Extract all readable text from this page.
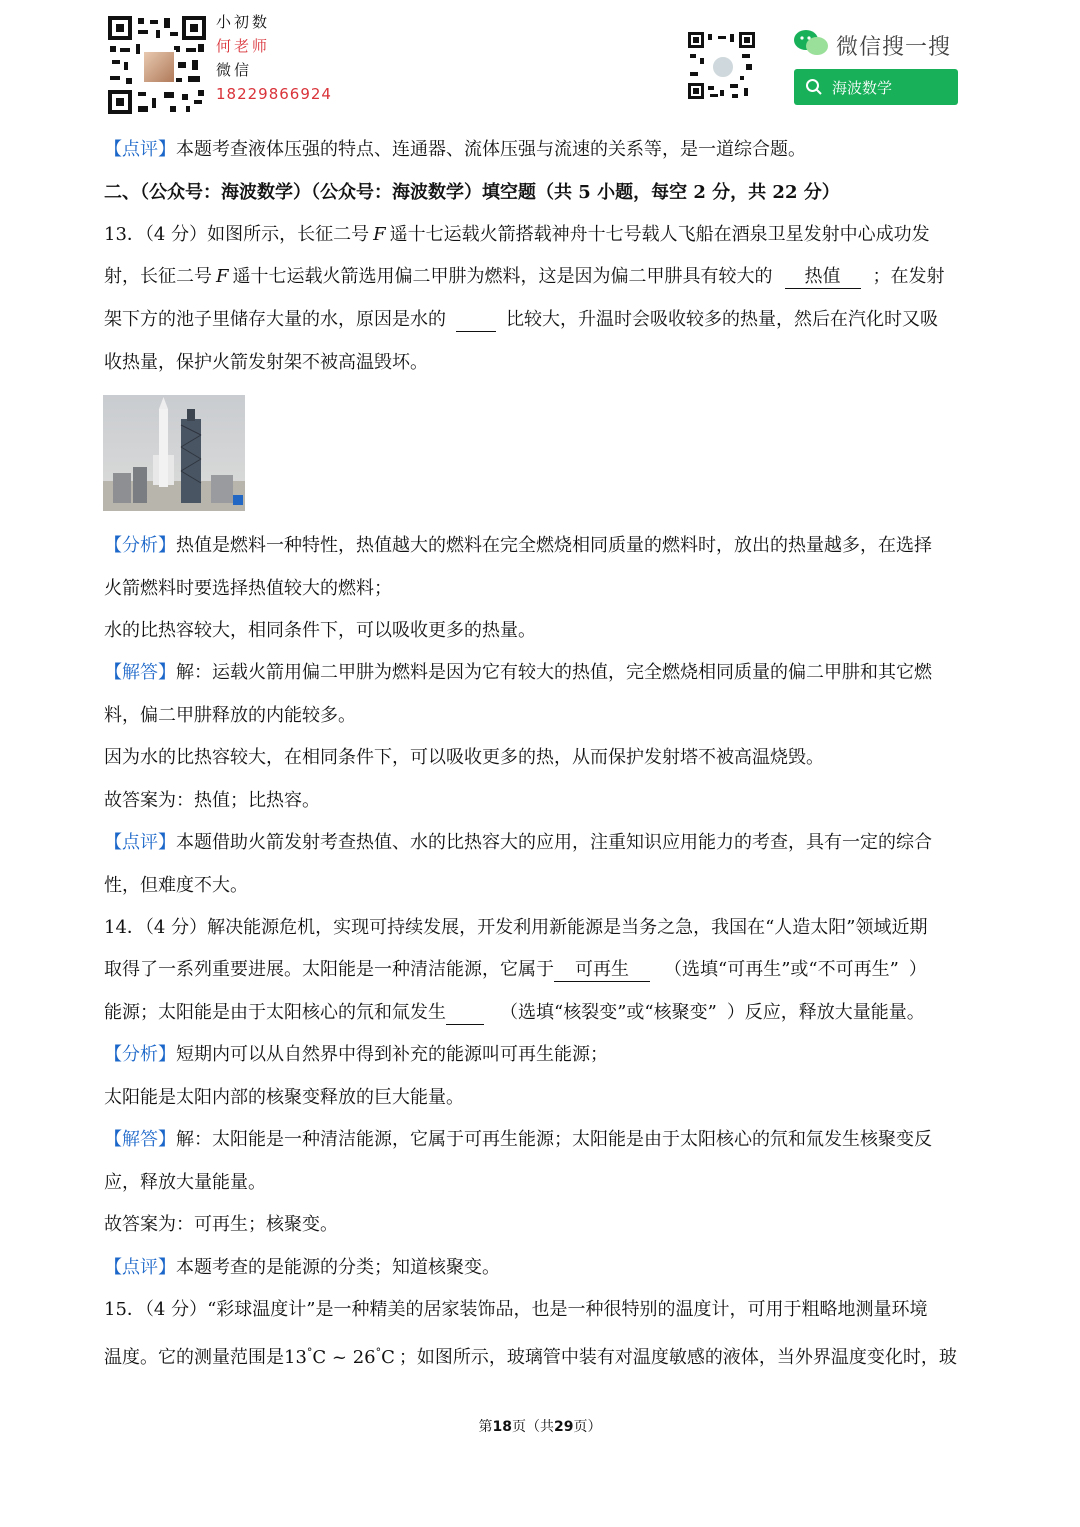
小初数
何老师
微信
18229866924
微信搜一搜
海波数学
【点评】本题考查液体压强的特点、连通器、流体压强与流速的关系等，是一道综合题。
二、（公众号：海波数学）（公众号：海波数学）填空题（共 5 小题，每空 2 分，共 22 分）
13．（4 分）如图所示，长征二号 F 遥十七运载火箭搭载神舟十七号载人飞船在酒泉卫星发射中心成功发
射，长征二号 F 遥十七运载火箭选用偏二甲肼为燃料，这是因为偏二甲肼具有较大的 热值 ；在发射
架下方的池子里储存大量的水，原因是水的	比较大，升温时会吸收较多的热量，然后在汽化时又吸
收热量，保护火箭发射架不被高温毁坏。
【分析】热值是燃料一种特性，热值越大的燃料在完全燃烧相同质量的燃料时，放出的热量越多，在选择
火箭燃料时要选择热值较大的燃料；
水的比热容较大，相同条件下，可以吸收更多的热量。
【解答】解：运载火箭用偏二甲肼为燃料是因为它有较大的热值，完全燃烧相同质量的偏二甲肼和其它燃
料，偏二甲肼释放的内能较多。
因为水的比热容较大，在相同条件下，可以吸收更多的热，从而保护发射塔不被高温烧毁。
故答案为：热值；比热容。
【点评】本题借助火箭发射考查热值、水的比热容大的应用，注重知识应用能力的考查，具有一定的综合
性，但难度不大。
14．（4 分）解决能源危机，实现可持续发展，开发利用新能源是当务之急，我国在“人造太阳”领域近期
取得了一系列重要进展。太阳能是一种清洁能源，它属于 可再生 （选填“可再生”或“不可再生” ）
能源；太阳能是由于太阳核心的氘和氚发生	（选填“核裂变”或“核聚变” ）反应，释放大量能量。
【分析】短期内可以从自然界中得到补充的能源叫可再生能源；
太阳能是太阳内部的核聚变释放的巨大能量。
【解答】解：太阳能是一种清洁能源，它属于可再生能源；太阳能是由于太阳核心的氘和氚发生核聚变反
应，释放大量能量。
故答案为：可再生；核聚变。
【点评】本题考查的是能源的分类；知道核聚变。
15．（4 分）“彩球温度计”是一种精美的居家装饰品，也是一种很特别的温度计，可用于粗略地测量环境
温度。它的测量范围是13°C ~ 26°C ；如图所示，玻璃管中装有对温度敏感的液体，当外界温度变化时，玻
第18页（共29页）
